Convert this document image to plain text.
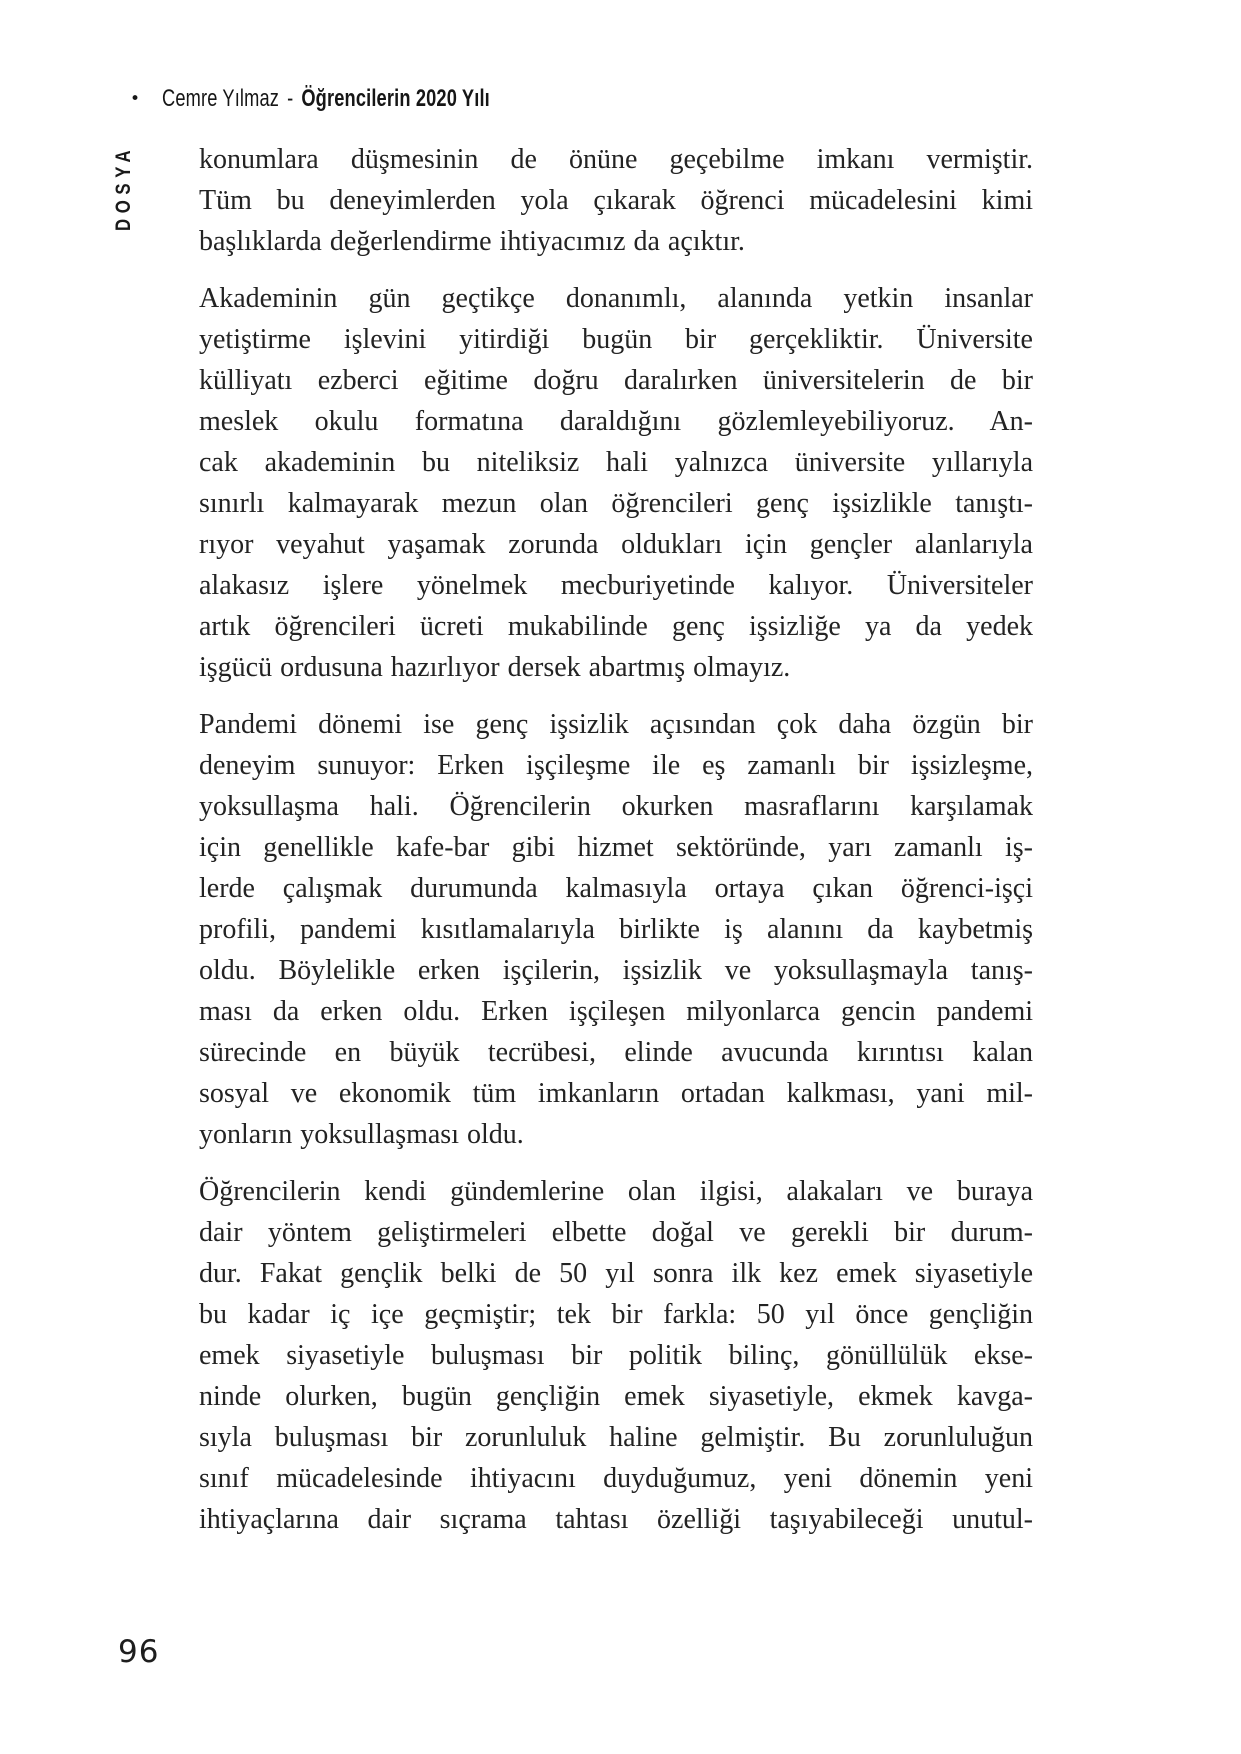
• Cemre Yılmaz - Öğrencilerin 2020 Yılı
DOSYA konumlara düşmesinin de önüne geçebilme imkanı vermiştir.
Tüm bu deneyimlerden yola çıkarak öğrenci mücadelesini kimi
başlıklarda değerlendirme ihtiyacımız da açıktır.

Akademinin gün geçtikçe donanımlı, alanında yetkin insanlar
yetiştirme işlevini yitirdiği bugün bir gerçekliktir. Üniversite
külliyatı ezberci eğitime doğru daralırken üniversitelerin de bir
meslek okulu formatına daraldığını gözlemleyebiliyoruz. An-
cak akademinin bu niteliksiz hali yalnızca üniversite yıllarıyla
sınırlı kalmayarak mezun olan öğrencileri genç işsizlikle tanıştı-
rıyor veyahut yaşamak zorunda oldukları için gençler alanlarıyla
alakasız işlere yönelmek mecburiyetinde kalıyor. Üniversiteler
artık öğrencileri ücreti mukabilinde genç işsizliğe ya da yedek
işgücü ordusuna hazırlıyor dersek abartmış olmayız.

Pandemi dönemi ise genç işsizlik açısından çok daha özgün bir
deneyim sunuyor: Erken işçileşme ile eş zamanlı bir işsizleşme,
yoksullaşma hali. Öğrencilerin okurken masraflarını karşılamak
için genellikle kafe-bar gibi hizmet sektöründe, yarı zamanlı iş-
lerde çalışmak durumunda kalmasıyla ortaya çıkan öğrenci-işçi
profili, pandemi kısıtlamalarıyla birlikte iş alanını da kaybetmiş
oldu. Böylelikle erken işçilerin, işsizlik ve yoksullaşmayla tanış-
ması da erken oldu. Erken işçileşen milyonlarca gencin pandemi
sürecinde en büyük tecrübesi, elinde avucunda kırıntısı kalan
sosyal ve ekonomik tüm imkanların ortadan kalkması, yani mil-
yonların yoksullaşması oldu.

Öğrencilerin kendi gündemlerine olan ilgisi, alakaları ve buraya
dair yöntem geliştirmeleri elbette doğal ve gerekli bir durum-
dur. Fakat gençlik belki de 50 yıl sonra ilk kez emek siyasetiyle
bu kadar iç içe geçmiştir; tek bir farkla: 50 yıl önce gençliğin
emek siyasetiyle buluşması bir politik bilinç, gönüllülük ekse-
ninde olurken, bugün gençliğin emek siyasetiyle, ekmek kavga-
sıyla buluşması bir zorunluluk haline gelmiştir. Bu zorunluluğun
sınıf mücadelesinde ihtiyacını duyduğumuz, yeni dönemin yeni
ihtiyaçlarına dair sıçrama tahtası özelliği taşıyabileceği unutul-

96
